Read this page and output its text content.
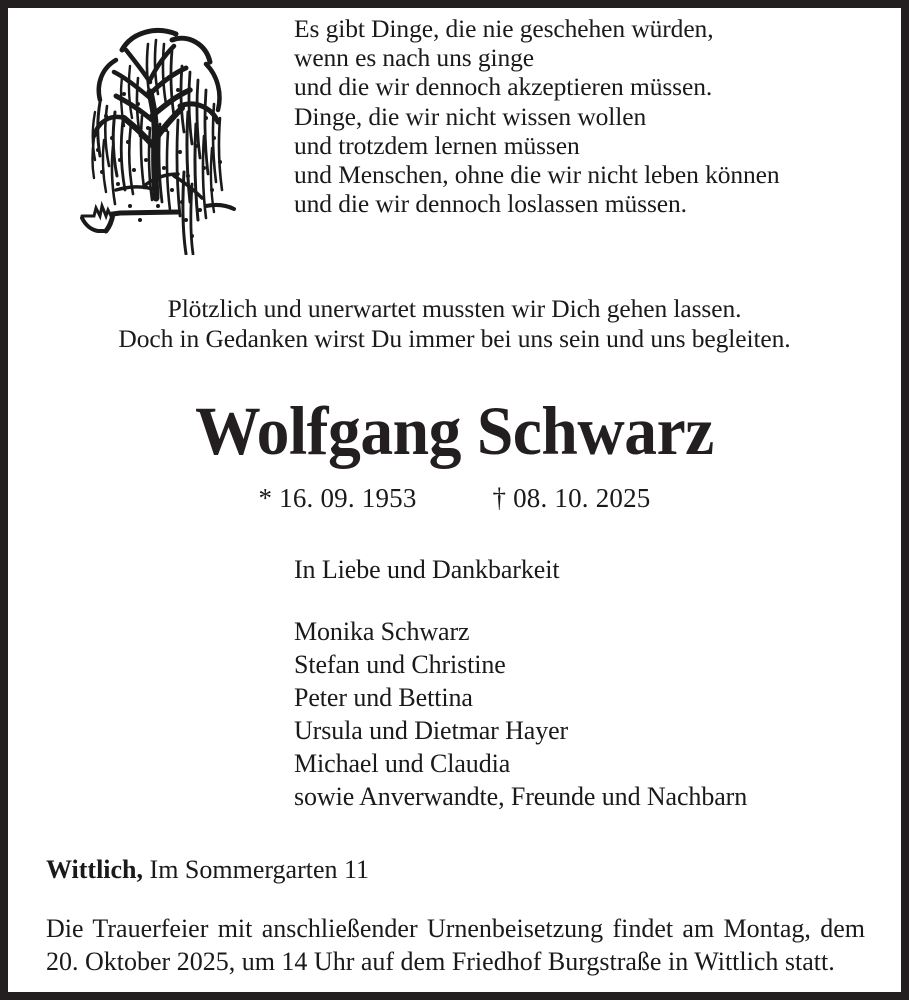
Es gibt Dinge, die nie geschehen würden,
wenn es nach uns ginge
und die wir dennoch akzeptieren müssen.
Dinge, die wir nicht wissen wollen
und trotzdem lernen müssen
und Menschen, ohne die wir nicht leben können
und die wir dennoch loslassen müssen.
Plötzlich und unerwartet mussten wir Dich gehen lassen.
Doch in Gedanken wirst Du immer bei uns sein und uns begleiten.
Wolfgang Schwarz
* 16. 09. 1953	† 08. 10. 2025
In Liebe und Dankbarkeit
Monika Schwarz
Stefan und Christine
Peter und Bettina
Ursula und Dietmar Hayer
Michael und Claudia
sowie Anverwandte, Freunde und Nachbarn
Wittlich, Im Sommergarten 11
Die Trauerfeier mit anschließender Urnenbeisetzung findet am Montag, dem 20. Oktober 2025, um 14 Uhr auf dem Friedhof Burgstraße in Wittlich statt.
